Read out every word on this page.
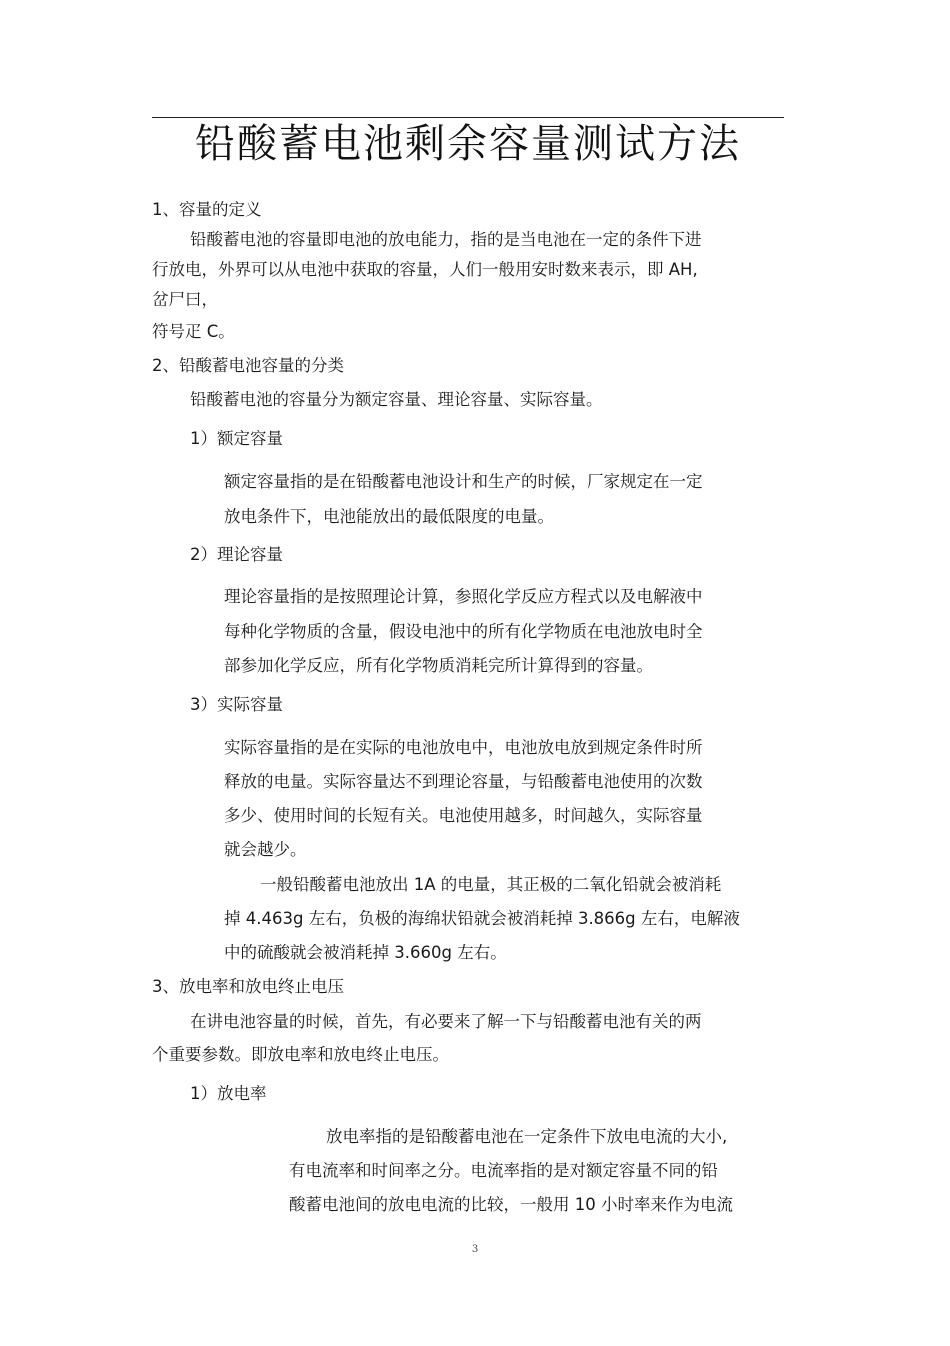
铅酸蓄电池剩余容量测试方法
1、容量的定义
铅酸蓄电池的容量即电池的放电能力，指的是当电池在一定的条件下进
行放电，外界可以从电池中获取的容量，人们一般用安时数来表示，即 AH,
岔尸曰，
符号疋 C。
2、铅酸蓄电池容量的分类
铅酸蓄电池的容量分为额定容量、理论容量、实际容量。
1）额定容量
额定容量指的是在铅酸蓄电池设计和生产的时候，厂家规定在一定
放电条件下，电池能放出的最低限度的电量。
2）理论容量
理论容量指的是按照理论计算，参照化学反应方程式以及电解液中
每种化学物质的含量，假设电池中的所有化学物质在电池放电时全
部参加化学反应，所有化学物质消耗完所计算得到的容量。
3）实际容量
实际容量指的是在实际的电池放电中，电池放电放到规定条件时所
释放的电量。实际容量达不到理论容量，与铅酸蓄电池使用的次数
多少、使用时间的长短有关。电池使用越多，时间越久，实际容量
就会越少。
一般铅酸蓄电池放出 1A 的电量，其正极的二氧化铅就会被消耗
掉 4.463g 左右，负极的海绵状铅就会被消耗掉 3.866g 左右，电解液
中的硫酸就会被消耗掉 3.660g 左右。
3、放电率和放电终止电压
在讲电池容量的时候，首先，有必要来了解一下与铅酸蓄电池有关的两
个重要参数。即放电率和放电终止电压。
1）放电率
放电率指的是铅酸蓄电池在一定条件下放电电流的大小,
有电流率和时间率之分。电流率指的是对额定容量不同的铅
酸蓄电池间的放电电流的比较，一般用 10 小时率来作为电流
3
